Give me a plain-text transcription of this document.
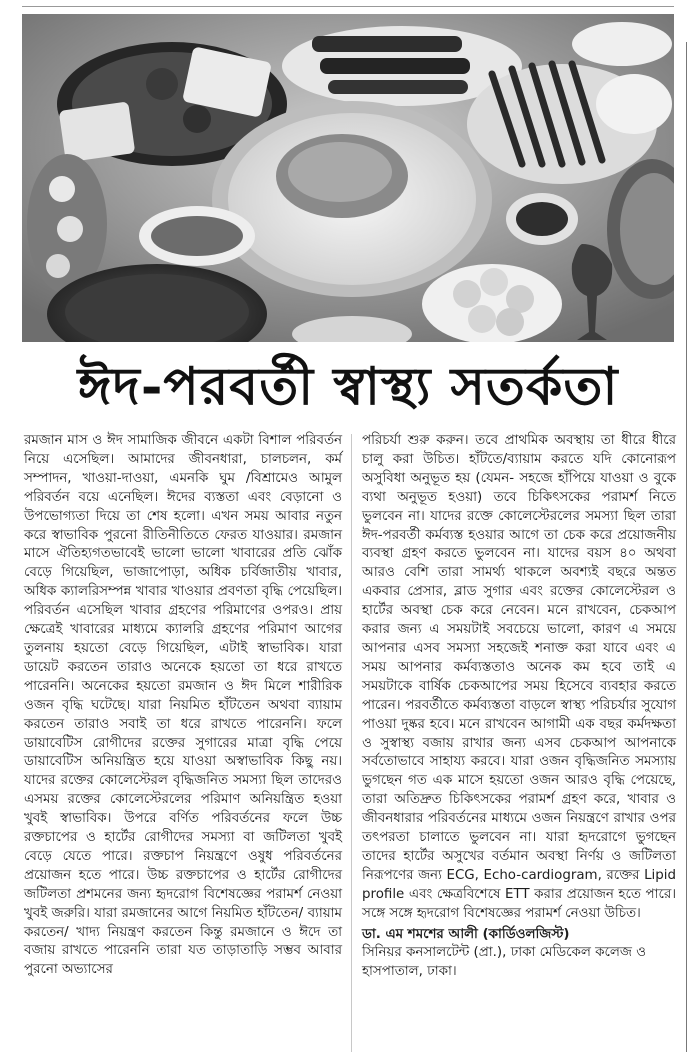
ঈদ-পরবর্তী স্বাস্থ্য সতর্কতা

রমজান মাস ও ঈদ সামাজিক জীবনে একটা বিশাল পরিবর্তন নিয়ে এসেছিল। আমাদের জীবনধারা, চালচলন, কর্ম সম্পাদন, খাওয়া-দাওয়া, এমনকি ঘুম /বিশ্রামেও আমুল পরিবর্তন বয়ে এনেছিল। ঈদের ব্যস্ততা এবং বেড়ানো ও উপভোগ্যতা দিয়ে তা শেষ হলো। এখন সময় আবার নতুন করে স্বাভাবিক পুরনো রীতিনীতিতে ফেরত যাওয়ার। রমজান মাসে ঐতিহ্যগতভাবেই ভালো ভালো খাবারের প্রতি ঝোঁক বেড়ে গিয়েছিল, ভাজাপোড়া, অধিক চর্বিজাতীয় খাবার, অধিক ক্যালরিসম্পন্ন খাবার খাওয়ার প্রবণতা বৃদ্ধি পেয়েছিল। পরিবর্তন এসেছিল খাবার গ্রহণের পরিমাণের ওপরও। প্রায় ক্ষেত্রেই খাবারের মাধ্যমে ক্যালরি গ্রহণের পরিমাণ আগের তুলনায় হয়তো বেড়ে গিয়েছিল, এটাই স্বাভাবিক। যারা ডায়েট করতেন তারাও অনেকে হয়তো তা ধরে রাখতে পারেননি। অনেকের হয়তো রমজান ও ঈদ মিলে শারীরিক ওজন বৃদ্ধি ঘটেছে। যারা নিয়মিত হাঁটতেন অথবা ব্যায়াম করতেন তারাও সবাই তা ধরে রাখতে পারেননি। ফলে ডায়াবেটিস রোগীদের রক্তের সুগারের মাত্রা বৃদ্ধি পেয়ে ডায়াবেটিস অনিয়ন্ত্রিত হয়ে যাওয়া অস্বাভাবিক কিছু নয়। যাদের রক্তের কোলেস্টেরল বৃদ্ধিজনিত সমস্যা ছিল তাদেরও এসময় রক্তের কোলেস্টেরলের পরিমাণ অনিয়ন্ত্রিত হওয়া খুবই স্বাভাবিক। উপরে বর্ণিত পরিবর্তনের ফলে উচ্চ রক্তচাপের ও হার্টের রোগীদের সমস্যা বা জটিলতা খুবই বেড়ে যেতে পারে। রক্তচাপ নিয়ন্ত্রণে ওষুধ পরিবর্তনের প্রয়োজন হতে পারে। উচ্চ রক্তচাপের ও হার্টের রোগীদের জটিলতা প্রশমনের জন্য হৃদরোগ বিশেষজ্ঞের পরামর্শ নেওয়া খুবই জরুরি। যারা রমজানের আগে নিয়মিত হাঁটতেন/ ব্যায়াম করতেন/ খাদ্য নিয়ন্ত্রণ করতেন কিন্তু রমজানে ও ঈদে তা বজায় রাখতে পারেননি তারা যত তাড়াতাড়ি সম্ভব আবার পুরনো অভ্যাসের

পরিচর্যা শুরু করুন। তবে প্রাথমিক অবস্থায় তা ধীরে ধীরে চালু করা উচিত। হাঁটতে/ব্যায়াম করতে যদি কোনোরূপ অসুবিধা অনুভূত হয় (যেমন- সহজে হাঁপিয়ে যাওয়া ও বুকে ব্যথা অনুভূত হওয়া) তবে চিকিৎসকের পরামর্শ নিতে ভুলবেন না। যাদের রক্তে কোলেস্টেরলের সমস্যা ছিল তারা ঈদ-পরবর্তী কর্মব্যস্ত হওয়ার আগে তা চেক করে প্রয়োজনীয় ব্যবস্থা গ্রহণ করতে ভুলবেন না। যাদের বয়স ৪০ অথবা আরও বেশি তারা সামর্থ্য থাকলে অবশ্যই বছরে অন্তত একবার প্রেসার, ব্লাড সুগার এবং রক্তের কোলেস্টেরল ও হার্টের অবস্থা চেক করে নেবেন। মনে রাখবেন, চেকআপ করার জন্য এ সময়টাই সবচেয়ে ভালো, কারণ এ সময়ে আপনার এসব সমস্যা সহজেই শনাক্ত করা যাবে এবং এ সময় আপনার কর্মব্যস্ততাও অনেক কম হবে তাই এ সময়টাকে বার্ষিক চেকআপের সময় হিসেবে ব্যবহার করতে পারেন। পরবর্তীতে কর্মব্যস্ততা বাড়লে স্বাস্থ্য পরিচর্যার সুযোগ পাওয়া দুষ্কর হবে। মনে রাখবেন আগামী এক বছর কর্মদক্ষতা ও সুস্বাস্থ্য বজায় রাখার জন্য এসব চেকআপ আপনাকে সর্বতোভাবে সাহায্য করবে। যারা ওজন বৃদ্ধিজনিত সমস্যায় ভুগছেন গত এক মাসে হয়তো ওজন আরও বৃদ্ধি পেয়েছে, তারা অতিদ্রুত চিকিৎসকের পরামর্শ গ্রহণ করে, খাবার ও জীবনধারার পরিবর্তনের মাধ্যমে ওজন নিয়ন্ত্রণে রাখার ওপর তৎপরতা চালাতে ভুলবেন না। যারা হৃদরোগে ভুগছেন তাদের হার্টের অসুখের বর্তমান অবস্থা নির্ণয় ও জটিলতা নিরূপণের জন্য ECG, Echo-cardiogram, রক্তের Lipid profile এবং ক্ষেত্রবিশেষে ETT করার প্রয়োজন হতে পারে। সঙ্গে সঙ্গে হৃদরোগ বিশেষজ্ঞের পরামর্শ নেওয়া উচিত।

ডা. এম শমশের আলী (কার্ডিওলজিস্ট)
সিনিয়র কনসালটেন্ট (প্রা.), ঢাকা মেডিকেল কলেজ ও হাসপাতাল, ঢাকা।
